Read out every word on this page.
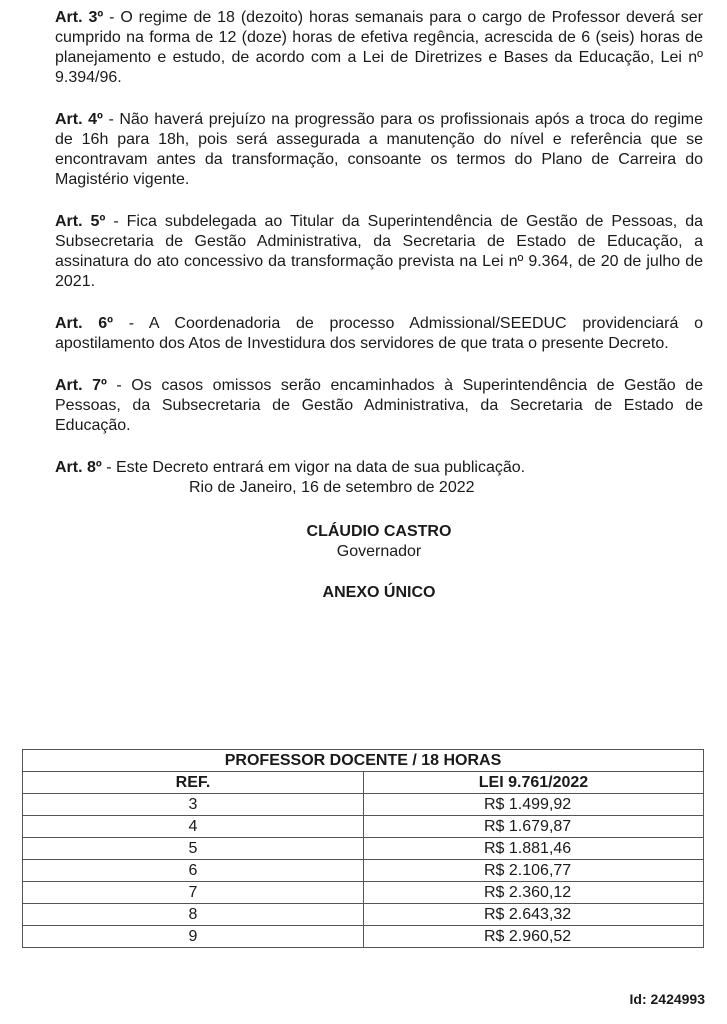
Art. 3º - O regime de 18 (dezoito) horas semanais para o cargo de Professor deverá ser cumprido na forma de 12 (doze) horas de efetiva regência, acrescida de 6 (seis) horas de planejamento e estudo, de acordo com a Lei de Diretrizes e Bases da Educação, Lei nº 9.394/96.

Art. 4º - Não haverá prejuízo na progressão para os profissionais após a troca do regime de 16h para 18h, pois será assegurada a manutenção do nível e referência que se encontravam antes da transformação, consoante os termos do Plano de Carreira do Magistério vigente.

Art. 5º - Fica subdelegada ao Titular da Superintendência de Gestão de Pessoas, da Subsecretaria de Gestão Administrativa, da Secretaria de Estado de Educação, a assinatura do ato concessivo da transformação prevista na Lei nº 9.364, de 20 de julho de 2021.

Art. 6º - A Coordenadoria de processo Admissional/SEEDUC providenciará o apostilamento dos Atos de Investidura dos servidores de que trata o presente Decreto.

Art. 7º - Os casos omissos serão encaminhados à Superintendência de Gestão de Pessoas, da Subsecretaria de Gestão Administrativa, da Secretaria de Estado de Educação.

Art. 8º - Este Decreto entrará em vigor na data de sua publicação.

Rio de Janeiro, 16 de setembro de 2022
CLÁUDIO CASTRO
Governador
ANEXO ÚNICO
PROFESSOR DOCENTE / 18 HORAS	
REF.	LEI 9.761/2022
3	R$ 1.499,92
4	R$ 1.679,87
5	R$ 1.881,46
6	R$ 2.106,77
7	R$ 2.360,12
8	R$ 2.643,32
9	R$ 2.960,52
Id: 2424993
